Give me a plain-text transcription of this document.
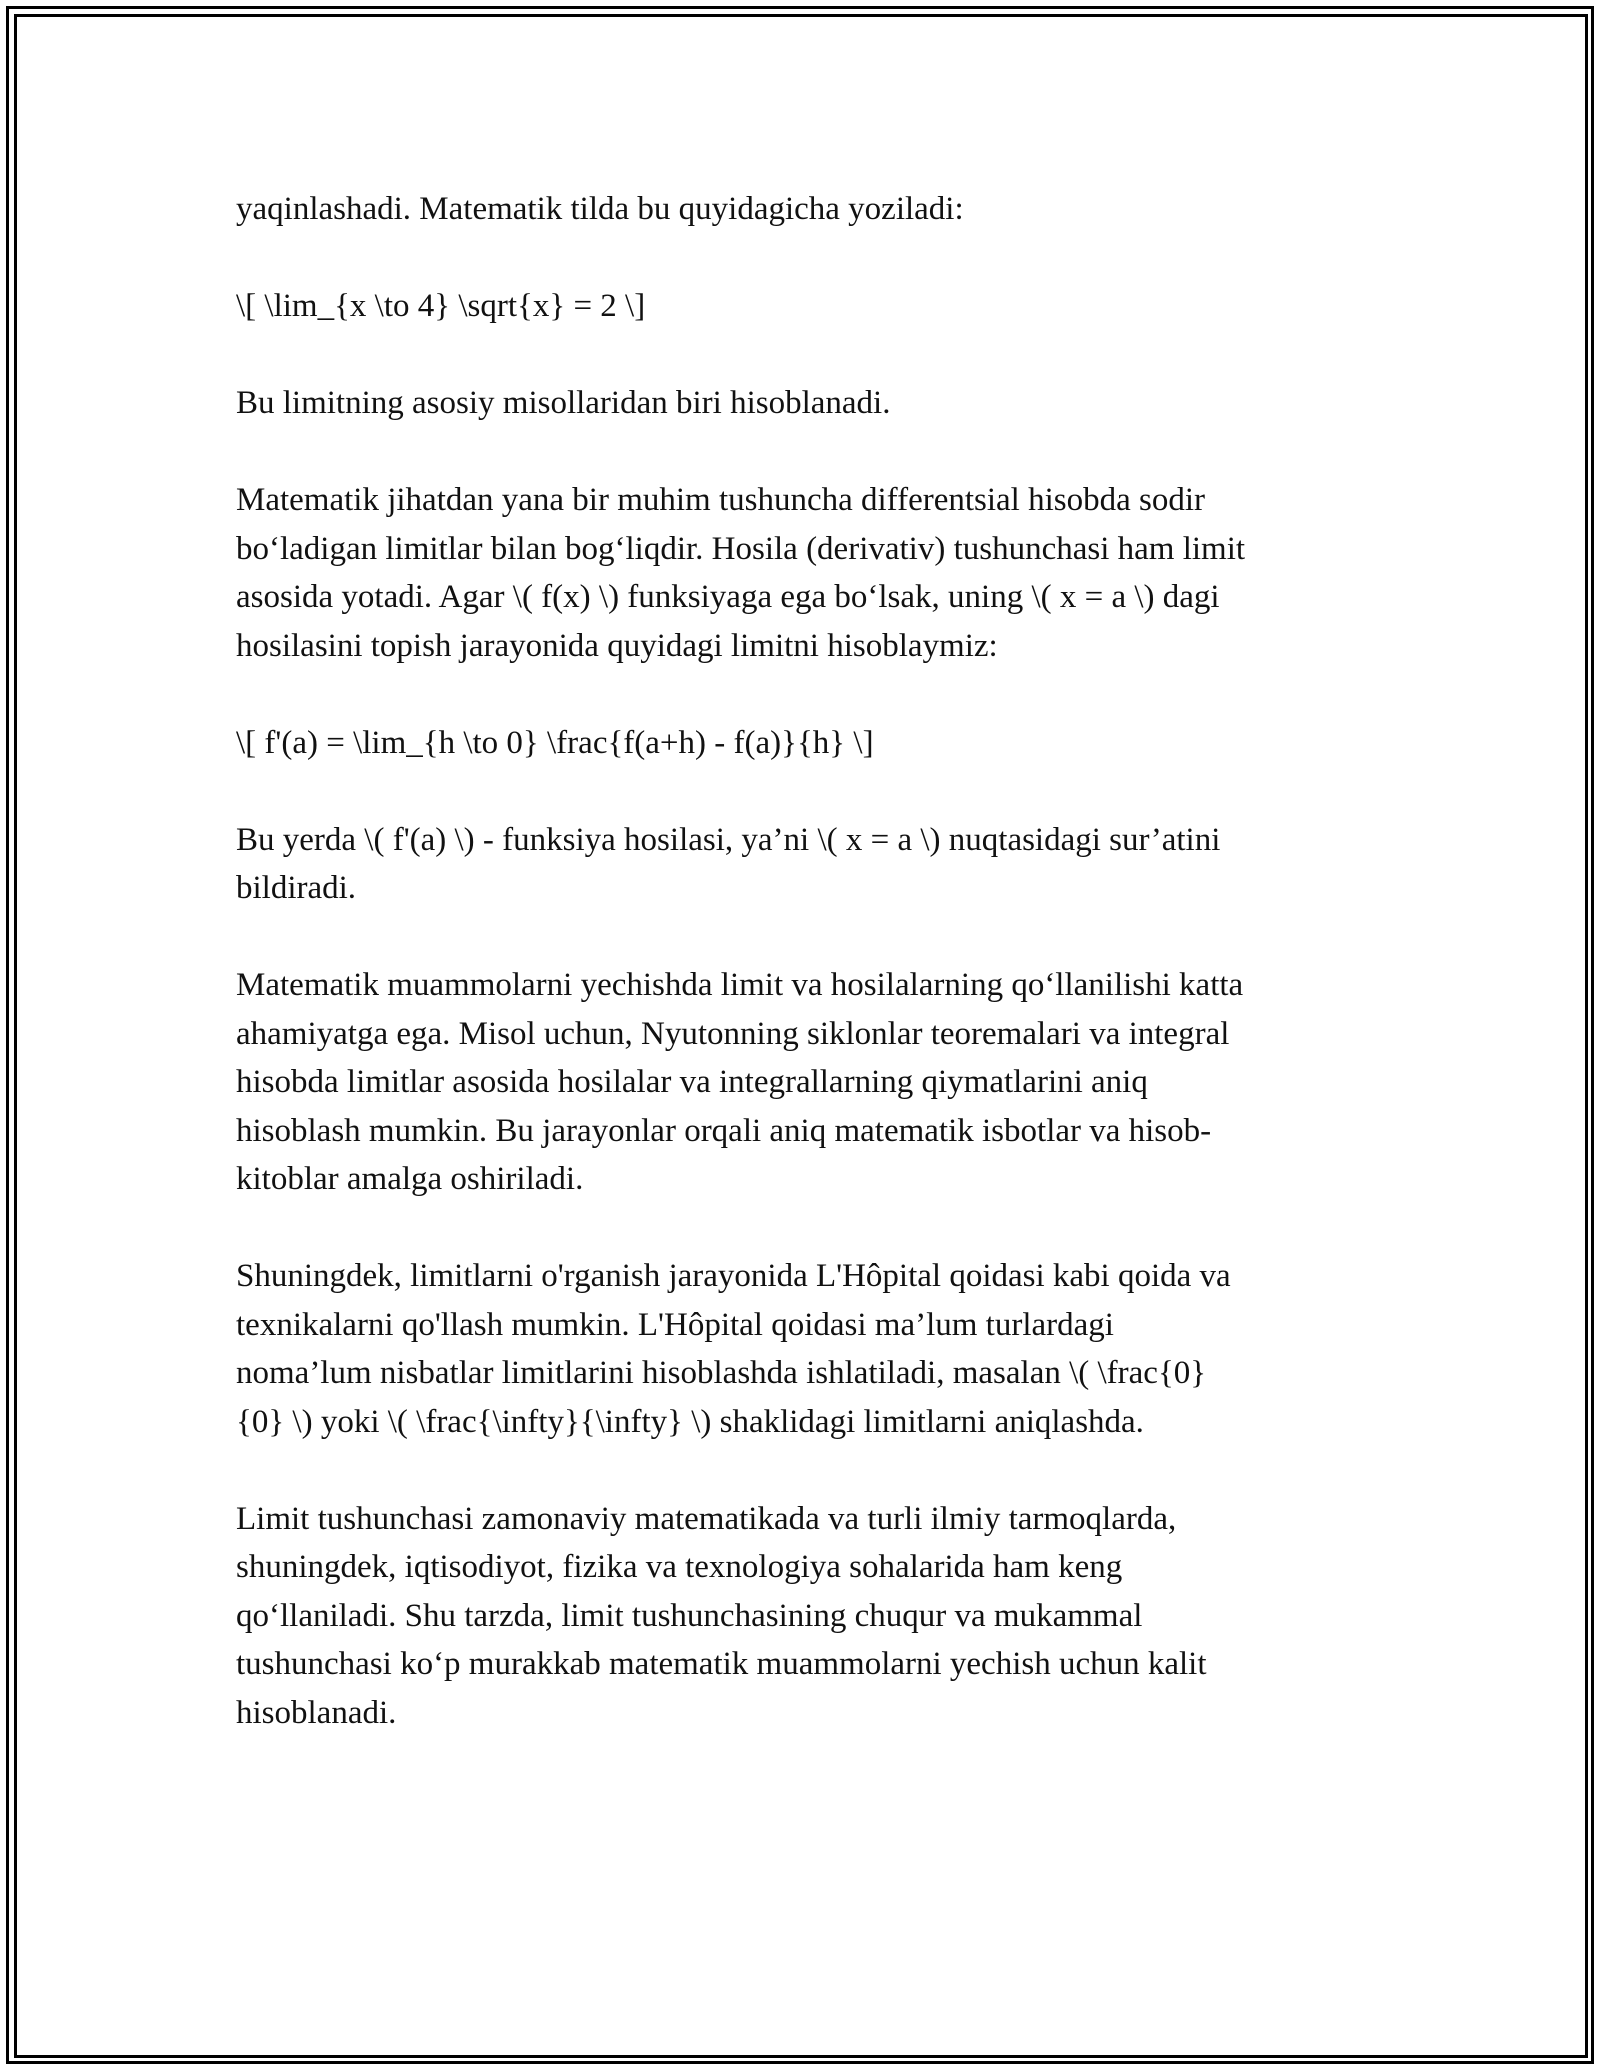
yaqinlashadi. Matematik tilda bu quyidagicha yoziladi:

\[ \lim_{x \to 4} \sqrt{x} = 2 \]

Bu limitning asosiy misollaridan biri hisoblanadi.

Matematik jihatdan yana bir muhim tushuncha differentsial hisobda sodir
bo‘ladigan limitlar bilan bog‘liqdir. Hosila (derivativ) tushunchasi ham limit
asosida yotadi. Agar \( f(x) \) funksiyaga ega bo‘lsak, uning \( x = a \) dagi
hosilasini topish jarayonida quyidagi limitni hisoblaymiz:

\[ f'(a) = \lim_{h \to 0} \frac{f(a+h) - f(a)}{h} \]

Bu yerda \( f'(a) \) - funksiya hosilasi, ya’ni \( x = a \) nuqtasidagi sur’atini
bildiradi.

Matematik muammolarni yechishda limit va hosilalarning qo‘llanilishi katta
ahamiyatga ega. Misol uchun, Nyutonning siklonlar teoremalari va integral
hisobda limitlar asosida hosilalar va integrallarning qiymatlarini aniq
hisoblash mumkin. Bu jarayonlar orqali aniq matematik isbotlar va hisob-
kitoblar amalga oshiriladi.

Shuningdek, limitlarni o'rganish jarayonida L'Hôpital qoidasi kabi qoida va
texnikalarni qo'llash mumkin. L'Hôpital qoidasi ma’lum turlardagi
noma’lum nisbatlar limitlarini hisoblashda ishlatiladi, masalan \( \frac{0}
{0} \) yoki \( \frac{\infty}{\infty} \) shaklidagi limitlarni aniqlashda.

Limit tushunchasi zamonaviy matematikada va turli ilmiy tarmoqlarda,
shuningdek, iqtisodiyot, fizika va texnologiya sohalarida ham keng
qo‘llaniladi. Shu tarzda, limit tushunchasining chuqur va mukammal
tushunchasi ko‘p murakkab matematik muammolarni yechish uchun kalit
hisoblanadi.
